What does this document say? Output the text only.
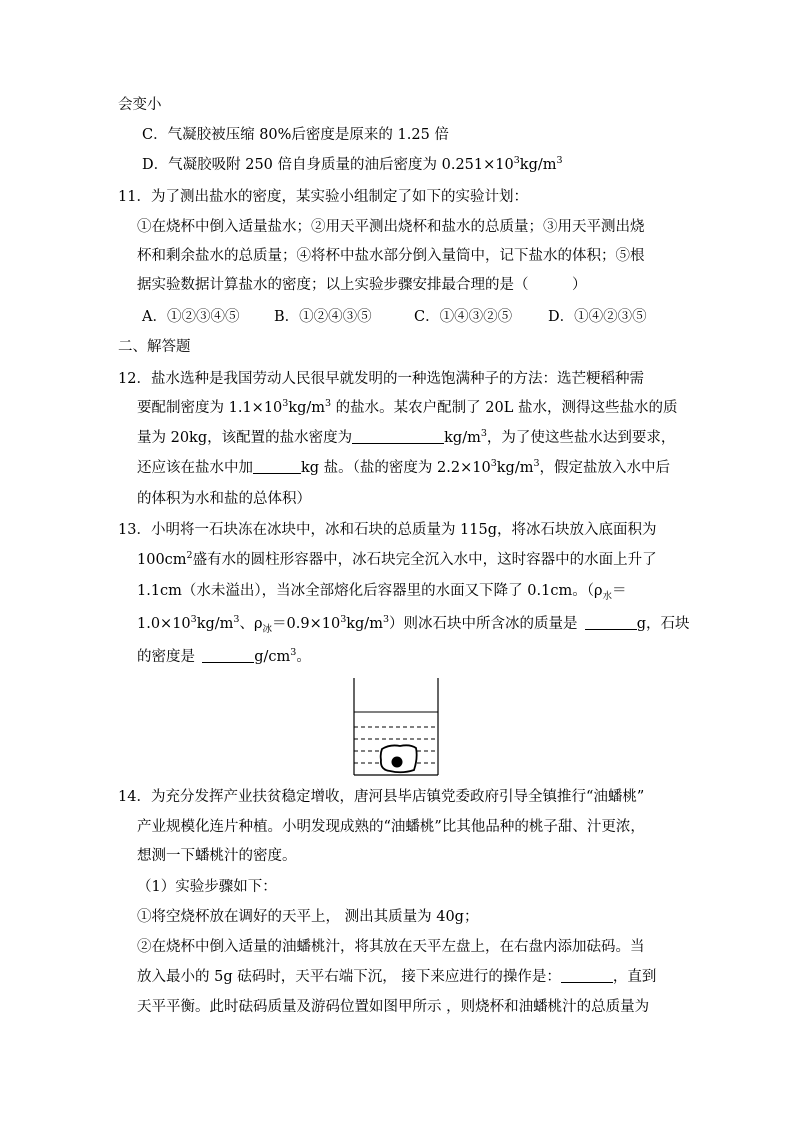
会变小
C．气凝胶被压缩 80%后密度是原来的 1.25 倍
D．气凝胶吸附 250 倍自身质量的油后密度为 $0.251\times 10^3kg/m^3$
11．为了测出盐水的密度，某实验小组制定了如下的实验计划：
①在烧杯中倒入适量盐水；②用天平测出烧杯和盐水的总质量；③用天平测出烧
杯和剩余盐水的总质量；④将杯中盐水部分倒入量筒中，记下盐水的体积；⑤根
据实验数据计算盐水的密度；以上实验步骤安排最合理的是（　　　）
A．①②③④⑤ B．①②④③⑤	C．①④③②⑤ D．①④②③⑤
二、解答题
12．盐水选种是我国劳动人民很早就发明的一种选饱满种子的方法：选芒粳稻种需
要配制密度为 $1.1\times 10^3kg/m^3$ 的盐水。某农户配制了 20L 盐水，测得这些盐水的质
量为 20kg，该配置的盐水密度为	$kg/m^3$，为了使这些盐水达到要求，
还应该在盐水中加	kg 盐。（盐的密度为 $2.2\times 10^3kg/m^3$，假定盐放入水中后
的体积为水和盐的总体积）
13．小明将一石块冻在冰块中，冰和石块的总质量为 115g，将冰石块放入底面积为
$100cm^2$盛有水的圆柱形容器中，冰石块完全沉入水中，这时容器中的水面上升了
1.1cm（水未溢出），当冰全部熔化后容器里的水面又下降了 0.1cm。（$\rho_水=$
$1.0\times 10^3kg/m^3$、$\rho_冰=0.9\times 10^3kg/m^3$）则冰石块中所含冰的质量是 	g，石块
的密度是 	$g/cm^3$。
14．为充分发挥产业扶贫稳定增收，唐河县毕店镇党委政府引导全镇推行“油蟠桃”
产业规模化连片种植。小明发现成熟的“油蟠桃”比其他品种的桃子甜、汁更浓，
想测一下蟠桃汁的密度。
（1）实验步骤如下：
①将空烧杯放在调好的天平上， 测出其质量为 40g；
②在烧杯中倒入适量的油蟠桃汁，将其放在天平左盘上，在右盘内添加砝码。当
放入最小的 5g 砝码时，天平右端下沉， 接下来应进行的操作是：	，直到
天平平衡。此时砝码质量及游码位置如图甲所示 ，则烧杯和油蟠桃汁的总质量为
